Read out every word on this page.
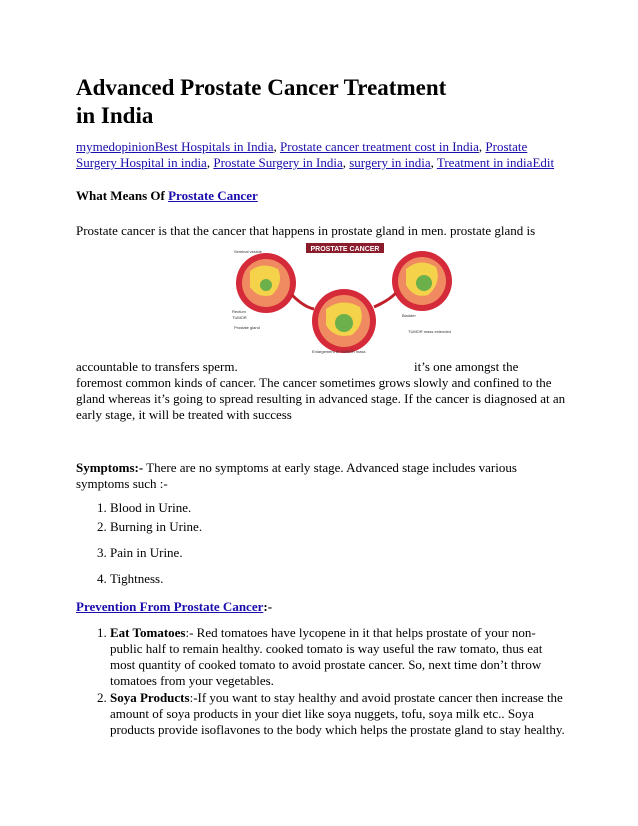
Advanced Prostate Cancer Treatment
in India
mymedopinionBest Hospitals in India, Prostate cancer treatment cost in India, Prostate Surgery Hospital in india, Prostate Surgery in India, surgery in india, Treatment in indiaEdit
What Means Of Prostate Cancer

Prostate cancer is that the cancer that happens in prostate gland in men. prostate gland is

PROSTATE CANCER
Seminal vesicle
Bladder
Rectum
TUMOR
Prostate gland
Enlargement of TUMOR mass
TUMOR mass extended
accountable to transfers sperm.	it’s one amongst the

foremost common kinds of cancer. The cancer sometimes grows slowly and confined to the gland whereas it’s going to spread resulting in advanced stage. If the cancer is diagnosed at an early stage, it will be treated with success

Symptoms:- There are no symptoms at early stage. Advanced stage includes various symptoms such :-

1. Blood in Urine.
2. Burning in Urine.
3. Pain in Urine.
4. Tightness.

Prevention From Prostate Cancer:-

1. Eat Tomatoes:- Red tomatoes have lycopene in it that helps prostate of your non-public half to remain healthy. cooked tomato is way useful the raw tomato, thus eat most quantity of cooked tomato to avoid prostate cancer. So, next time don’t throw tomatoes from your vegetables.
2. Soya Products:-If you want to stay healthy and avoid prostate cancer then increase the amount of soya products in your diet like soya nuggets, tofu, soya milk etc.. Soya products provide isoflavones to the body which helps the prostate gland to stay healthy.
